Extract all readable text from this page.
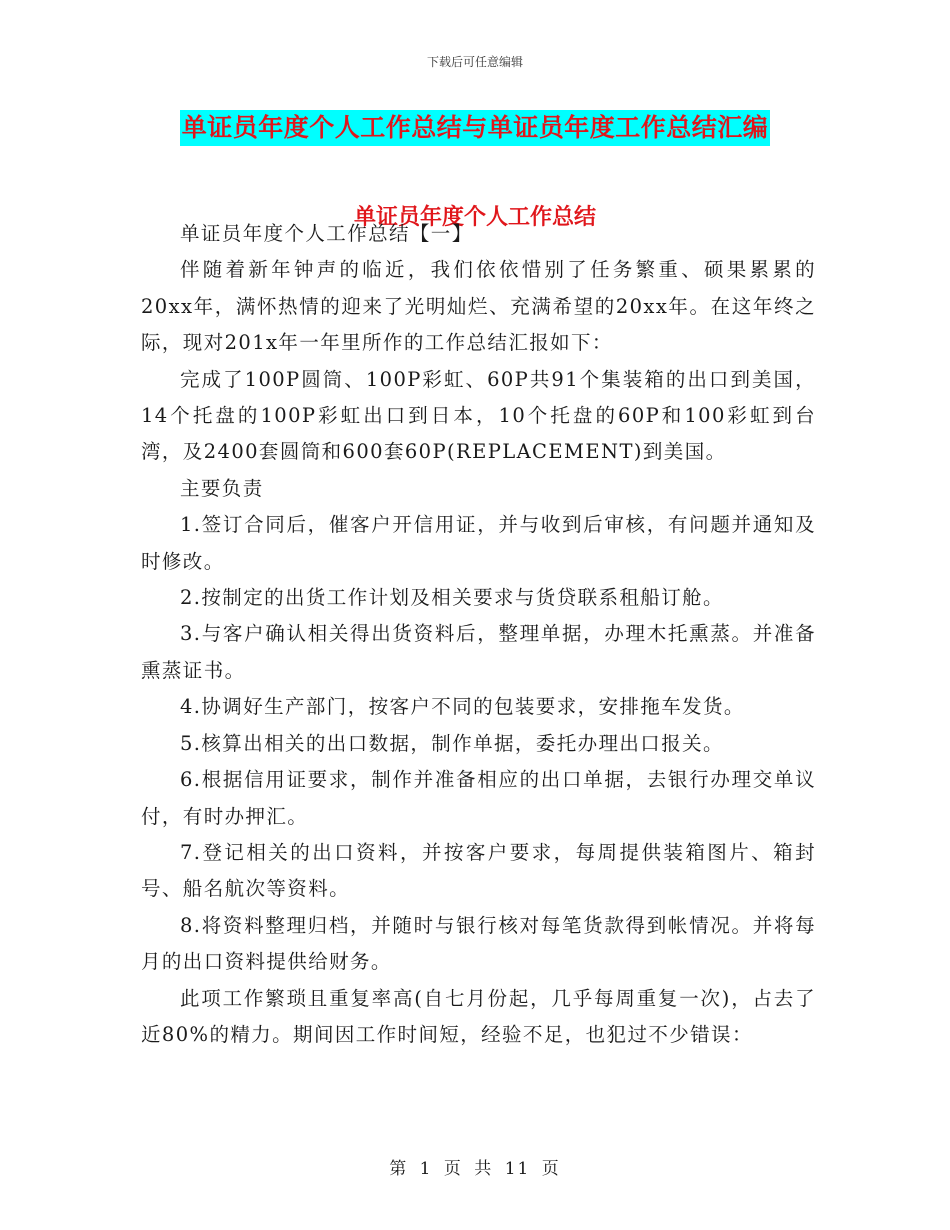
下载后可任意编辑
单证员年度个人工作总结与单证员年度工作总结汇编
单证员年度个人工作总结

单证员年度个人工作总结【一】

伴随着新年钟声的临近，我们依依惜别了任务繁重、硕果累累的20xx年，满怀热情的迎来了光明灿烂、充满希望的20xx年。在这年终之际，现对201x年一年里所作的工作总结汇报如下：

完成了100P圆筒、100P彩虹、60P共91个集装箱的出口到美国，14个托盘的100P彩虹出口到日本，10个托盘的60P和100彩虹到台湾，及2400套圆筒和600套60P(REPLACEMENT)到美国。

主要负责

1.签订合同后，催客户开信用证，并与收到后审核，有问题并通知及时修改。

2.按制定的出货工作计划及相关要求与货贷联系租船订舱。

3.与客户确认相关得出货资料后，整理单据，办理木托熏蒸。并准备熏蒸证书。

4.协调好生产部门，按客户不同的包装要求，安排拖车发货。

5.核算出相关的出口数据，制作单据，委托办理出口报关。

6.根据信用证要求，制作并准备相应的出口单据，去银行办理交单议付，有时办押汇。

7.登记相关的出口资料，并按客户要求，每周提供装箱图片、箱封号、船名航次等资料。

8.将资料整理归档，并随时与银行核对每笔货款得到帐情况。并将每月的出口资料提供给财务。

此项工作繁琐且重复率高(自七月份起，几乎每周重复一次)，占去了近80%的精力。期间因工作时间短，经验不足，也犯过不少错误：

第 1 页 共 11 页
